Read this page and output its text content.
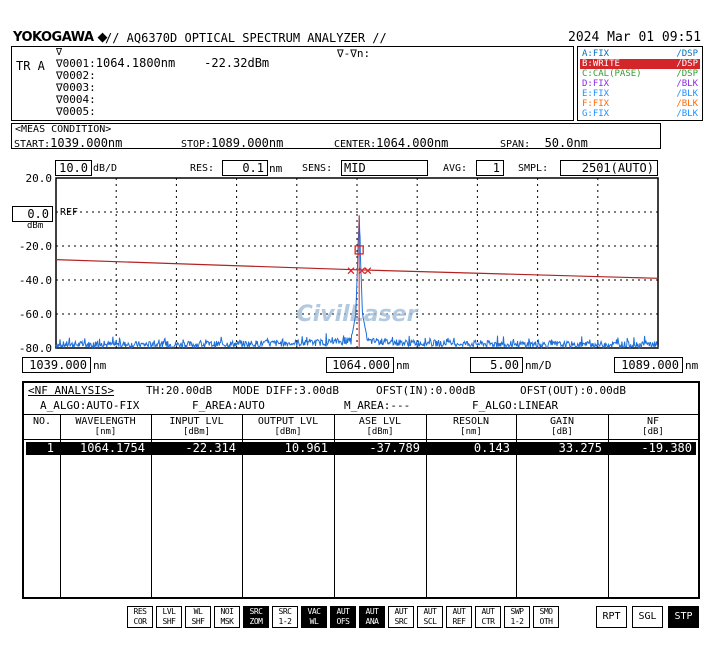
YOKOGAWA ◆
// AQ6370D OPTICAL SPECTRUM ANALYZER //	2024 Mar 01 09:51
∇	∇-∇n:
TR A ∇0001:1064.1800nm    -22.32dBm
∇0002:
∇0003:
∇0004:
∇0005:
A:FIX	/DSP
B:WRITE	/DSP
C:CAL(PASE)	/DSP
D:FIX	/BLK
E:FIX	/BLK
F:FIX	/BLK
G:FIX	/BLK
<MEAS CONDITION>
START:1039.000nm	STOP:1089.000nm	CENTER:1064.000nm	SPAN: 50.0nm
10.0 dB/D	RES:	0.1 nm SENS: MID	AVG:	1	SMPL:	2501(AUTO)
20.0
-20.0
-40.0
-60.0
-80.0
CivilLaser
0.0	REF
dBm
1039.000 nm	1064.000 nm	5.00 nm/D	1089.000 nm
<NF ANALYSIS>	TH:20.00dB MODE DIFF:3.00dB	OFST(IN):0.00dB	OFST(OUT):0.00dB
A_ALGO:AUTO-FIX	F_AREA:AUTO	M_AREA:---	F_ALGO:LINEAR
NO.	WAVELENGTH
[nm]
INPUT LVL
[dBm]
OUTPUT LVL
[dBm]
ASE LVL
[dBm]
RESOLN
[nm]
GAIN
[dB]
NF
[dB]
1	1064.1754	-22.314	10.961	-37.789	0.143	33.275	-19.380
RES
COR
LVL
SHF
WL
SHF
NOI
MSK
SRC
ZOM
SRC
1-2
VAC
WL
AUT
OFS
AUT
ANA
AUT
SRC
AUT
SCL
AUT
REF
AUT
CTR
SWP
1-2
SMO
OTH	RPT	SGL	STP
